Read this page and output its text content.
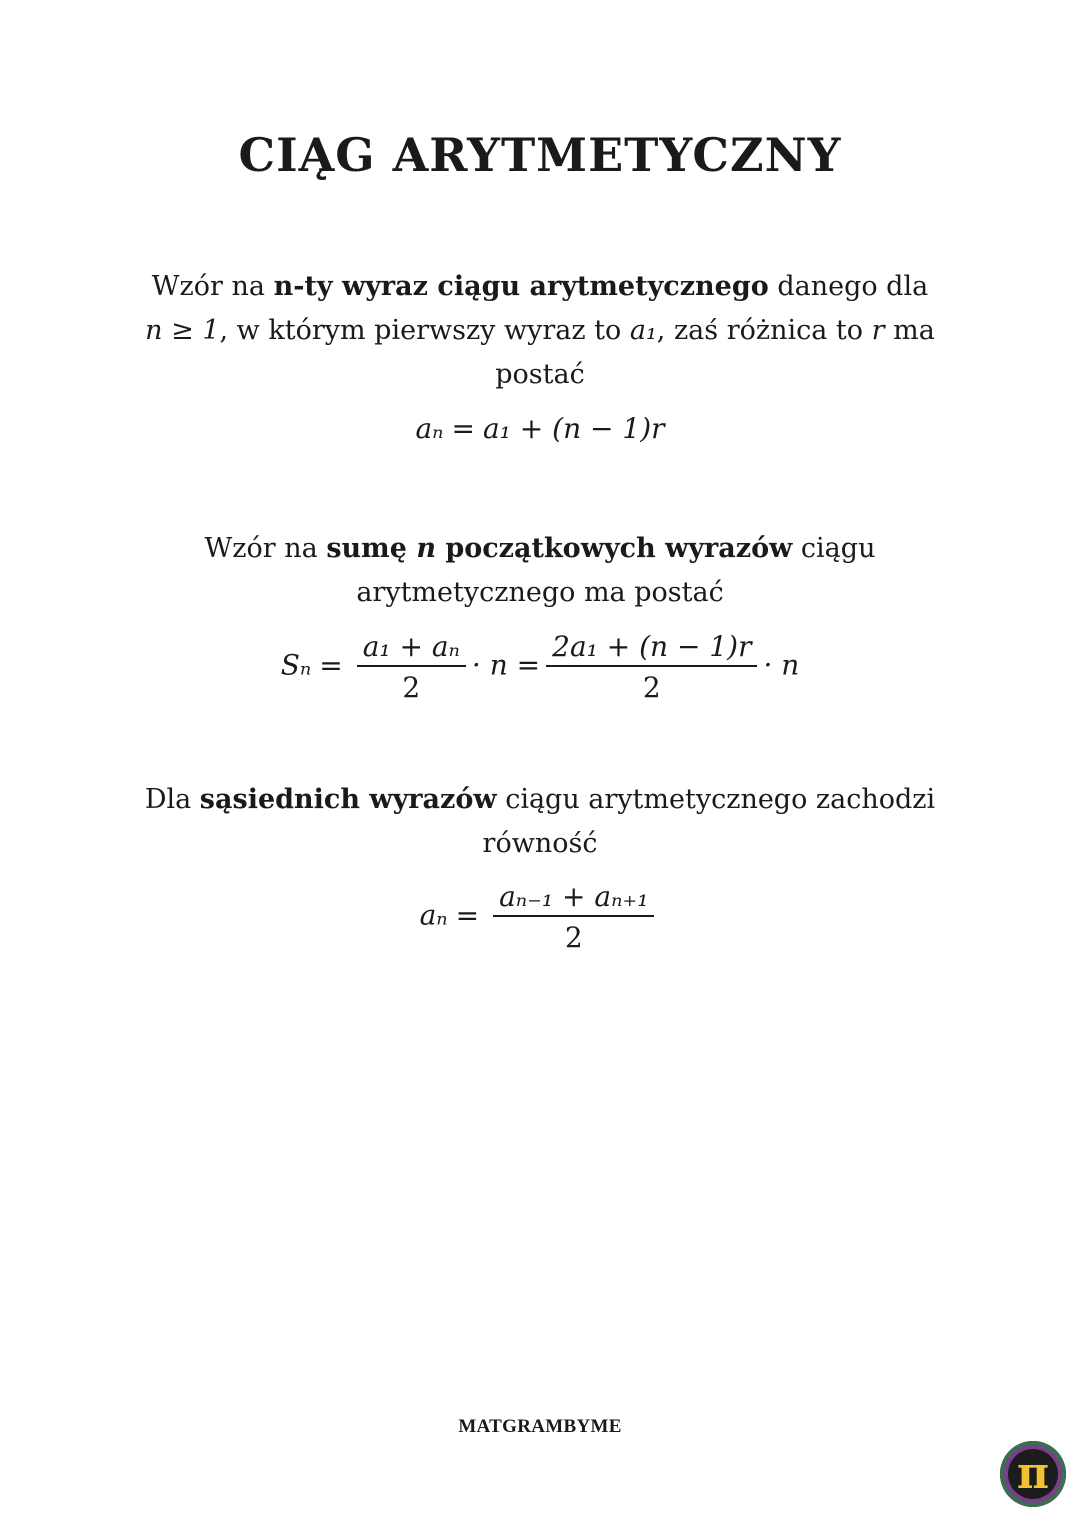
CIĄG ARYTMETYCZNY
Wzór na n-ty wyraz ciągu arytmetycznego danego dla
n ≥ 1, w którym pierwszy wyraz to a₁, zaś różnica to r ma postać
aₙ = a₁ + (n − 1)r
Wzór na sumę n początkowych wyrazów ciągu arytmetycznego ma postać
$S_n = \frac{\text{a₁ + aₙ}}{2} \cdot n = \frac{\text{2a₁ + (n − 1)r}}{2} \cdot n$
Dla sąsiednich wyrazów ciągu arytmetycznego zachodzi równość
$a_n = \frac{\text{aₙ₋₁ + aₙ₊₁}}{2}$
MATGRAMBYME
π
